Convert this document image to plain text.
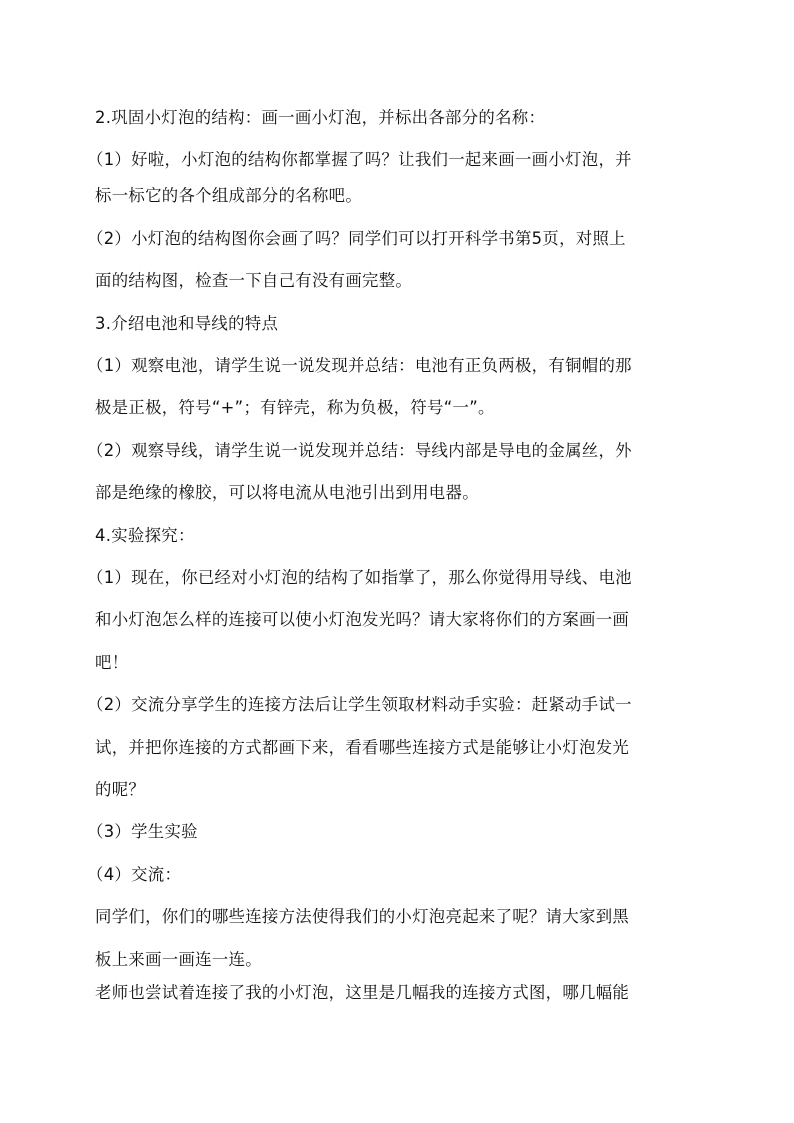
2.巩固小灯泡的结构：画一画小灯泡，并标出各部分的名称：
（1）好啦，小灯泡的结构你都掌握了吗？让我们一起来画一画小灯泡，并
标一标它的各个组成部分的名称吧。
（2）小灯泡的结构图你会画了吗？同学们可以打开科学书第5页，对照上
面的结构图，检查一下自己有没有画完整。
3.介绍电池和导线的特点
（1）观察电池，请学生说一说发现并总结：电池有正负两极，有铜帽的那
极是正极，符号“+”；有锌壳，称为负极，符号“一”。
（2）观察导线，请学生说一说发现并总结：导线内部是导电的金属丝，外
部是绝缘的橡胶，可以将电流从电池引出到用电器。
4.实验探究：
（1）现在，你已经对小灯泡的结构了如指掌了，那么你觉得用导线、电池
和小灯泡怎么样的连接可以使小灯泡发光吗？请大家将你们的方案画一画
吧！
（2）交流分享学生的连接方法后让学生领取材料动手实验：赶紧动手试一
试，并把你连接的方式都画下来，看看哪些连接方式是能够让小灯泡发光
的呢？
（3）学生实验
（4）交流：
同学们，你们的哪些连接方法使得我们的小灯泡亮起来了呢？请大家到黑
板上来画一画连一连。
老师也尝试着连接了我的小灯泡，这里是几幅我的连接方式图，哪几幅能
